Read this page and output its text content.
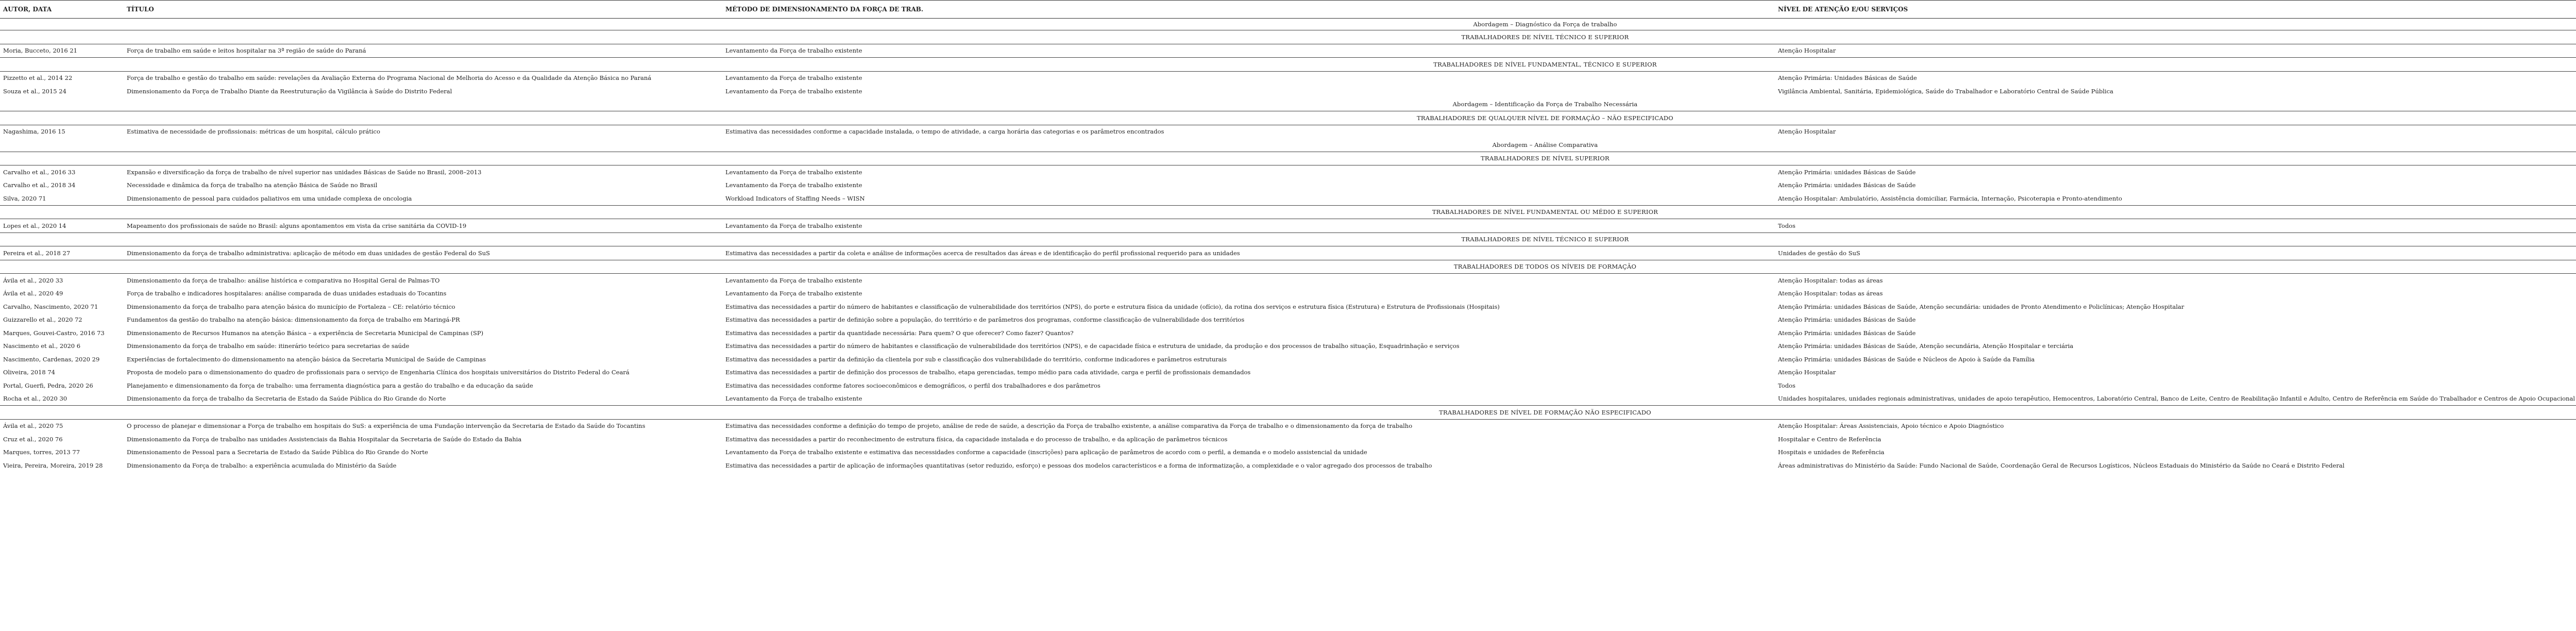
AUTOR, DATA	TÍTULO	MÉTODO DE DIMENSIONAMENTO DA FORÇA DE TRAB.	NÍVEL DE ATENÇÃO E/OU SERVIÇOS	
Abordagem – Diagnóstico da Força de trabalho				
TRABALHADORES DE NÍVEL TÉCNICO E SUPERIOR				
Moria, Bucceto, 2016 21	Força de trabalho em saúde e leitos hospitalar na 3ª região de saúde do Paraná	Levantamento da Força de trabalho existente	Atenção Hospitalar	
TRABALHADORES DE NÍVEL FUNDAMENTAL, TÉCNICO E SUPERIOR				
Pizzetto et al., 2014 22	Força de trabalho e gestão do trabalho em saúde: revelações da Avaliação Externa do Programa Nacional de Melhoria do Acesso e da Qualidade da Atenção Básica no Paraná	Levantamento da Força de trabalho existente	Atenção Primária: Unidades Básicas de Saúde	
Souza et al., 2015 24	Dimensionamento da Força de Trabalho Diante da Reestruturação da Vigilância à Saúde do Distrito Federal	Levantamento da Força de trabalho existente	Vigilância Ambiental, Sanitária, Epidemiológica, Saúde do Trabalhador e Laboratório Central de Saúde Pública	
Abordagem – Identificação da Força de Trabalho Necessária				
TRABALHADORES DE QUALQUER NÍVEL DE FORMAÇÃO – NÃO ESPECIFICADO				
Nagashima, 2016 15	Estimativa de necessidade de profissionais: métricas de um hospital, cálculo prático	Estimativa das necessidades conforme a capacidade instalada, o tempo de atividade, a carga horária das categorias e os parâmetros encontrados	Atenção Hospitalar	
Abordagem – Análise Comparativa				
TRABALHADORES DE NÍVEL SUPERIOR				
Carvalho et al., 2016 33	Expansão e diversificação da força de trabalho de nível superior nas unidades Básicas de Saúde no Brasil, 2008–2013	Levantamento da Força de trabalho existente	Atenção Primária: unidades Básicas de Saúde	
Carvalho et al., 2018 34	Necessidade e dinâmica da força de trabalho na atenção Básica de Saúde no Brasil	Levantamento da Força de trabalho existente	Atenção Primária: unidades Básicas de Saúde	
Silva, 2020 71	Dimensionamento de pessoal para cuidados paliativos em uma unidade complexa de oncologia	Workload Indicators of Staffing Needs – WISN	Atenção Hospitalar: Ambulatório, Assistência domiciliar, Farmácia, Internação, Psicoterapia e Pronto-atendimento	
TRABALHADORES DE NÍVEL FUNDAMENTAL OU MÉDIO E SUPERIOR				
Lopes et al., 2020 14	Mapeamento dos profissionais de saúde no Brasil: alguns apontamentos em vista da crise sanitária da COVID-19	Levantamento da Força de trabalho existente	Todos	
TRABALHADORES DE NÍVEL TÉCNICO E SUPERIOR				
Pereira et al., 2018 27	Dimensionamento da força de trabalho administrativa: aplicação de método em duas unidades de gestão Federal do SuS	Estimativa das necessidades a partir da coleta e análise de informações acerca de resultados das áreas e de identificação do perfil profissional requerido para as unidades	Unidades de gestão do SuS	
TRABALHADORES DE TODOS OS NÍVEIS DE FORMAÇÃO				
Ávila et al., 2020 33	Dimensionamento da força de trabalho: análise histórica e comparativa no Hospital Geral de Palmas-TO	Levantamento da Força de trabalho existente	Atenção Hospitalar: todas as áreas	
Ávila et al., 2020 49	Força de trabalho e indicadores hospitalares: análise comparada de duas unidades estaduais do Tocantins	Levantamento da Força de trabalho existente	Atenção Hospitalar: todas as áreas	
Carvalho, Nascimento, 2020 71	Dimensionamento da força de trabalho para atenção básica do município de Fortaleza – CE: relatório técnico	Estimativa das necessidades a partir do número de habitantes e classificação de vulnerabilidade dos territórios (NPS), do porte e estrutura física da unidade (ofício), da rotina dos serviços e estrutura física (Estrutura) e Estrutura de Profissionais (Hospitais)	Atenção Primária: unidades Básicas de Saúde, Atenção secundária: unidades de Pronto Atendimento e Policlínicas; Atenção Hospitalar	
Guizzarello et al., 2020 72	Fundamentos da gestão do trabalho na atenção básica: dimensionamento da força de trabalho em Maringá-PR	Estimativa das necessidades a partir de definição sobre a população, do território e de parâmetros dos programas, conforme classificação de vulnerabilidade dos territórios	Atenção Primária: unidades Básicas de Saúde	
Marques, Gouvei-Castro, 2016 73	Dimensionamento de Recursos Humanos na atenção Básica – a experiência de Secretaria Municipal de Campinas (SP)	Estimativa das necessidades a partir da quantidade necessária: Para quem? O que oferecer? Como fazer? Quantos?	Atenção Primária: unidades Básicas de Saúde	
Nascimento et al., 2020 6	Dimensionamento da força de trabalho em saúde: itinerário teórico para secretarias de saúde	Estimativa das necessidades a partir do número de habitantes e classificação de vulnerabilidade dos territórios (NPS), e de capacidade física e estrutura de unidade, da produção e dos processos de trabalho situação, Esquadrinhação e serviços	Atenção Primária: unidades Básicas de Saúde, Atenção secundária, Atenção Hospitalar e terciária	
Nascimento, Cardenas, 2020 29	Experiências de fortalecimento do dimensionamento na atenção básica da Secretaria Municipal de Saúde de Campinas	Estimativa das necessidades a partir da definição da clientela por sub e classificação dos vulnerabilidade do território, conforme indicadores e parâmetros estruturais	Atenção Primária: unidades Básicas de Saúde e Núcleos de Apoio à Saúde da Família	
Oliveira, 2018 74	Proposta de modelo para o dimensionamento do quadro de profissionais para o serviço de Engenharia Clínica dos hospitais universitários do Distrito Federal do Ceará	Estimativa das necessidades a partir de definição dos processos de trabalho, etapa gerenciadas, tempo médio para cada atividade, carga e perfil de profissionais demandados	Atenção Hospitalar	
Portal, Guerfi, Pedra, 2020 26	Planejamento e dimensionamento da força de trabalho: uma ferramenta diagnóstica para a gestão do trabalho e da educação da saúde	Estimativa das necessidades conforme fatores socioeconômicos e demográficos, o perfil dos trabalhadores e dos parâmetros	Todos	
Rocha et al., 2020 30	Dimensionamento da força de trabalho da Secretaria de Estado da Saúde Pública do Rio Grande do Norte	Levantamento da Força de trabalho existente	Unidades hospitalares, unidades regionais administrativas, unidades de apoio terapêutico, Hemocentros, Laboratório Central, Banco de Leite, Centro de Reabilitação Infantil e Adulto, Centro de Referência em Saúde do Trabalhador e Centros de Apoio Ocupacional	
TRABALHADORES DE NÍVEL DE FORMAÇÃO NÃO ESPECIFICADO				
Ávila et al., 2020 75	O processo de planejar e dimensionar a Força de trabalho em hospitais do SuS: a experiência de uma Fundação intervenção da Secretaria de Estado da Saúde do Tocantins	Estimativa das necessidades conforme a definição do tempo de projeto, análise de rede de saúde, a descrição da Força de trabalho existente, a análise comparativa da Força de trabalho e o dimensionamento da força de trabalho	Atenção Hospitalar: Áreas Assistenciais, Apoio técnico e Apoio Diagnóstico	
Cruz et al., 2020 76	Dimensionamento da Força de trabalho nas unidades Assistenciais da Bahia Hospitalar da Secretaria de Saúde do Estado da Bahia	Estimativa das necessidades a partir do reconhecimento de estrutura física, da capacidade instalada e do processo de trabalho, e da aplicação de parâmetros técnicos	Hospitalar e Centro de Referência	
Marques, torres, 2013 77	Dimensionamento de Pessoal para a Secretaria de Estado da Saúde Pública do Rio Grande do Norte	Levantamento da Força de trabalho existente e estimativa das necessidades conforme a capacidade (inscrições) para aplicação de parâmetros de acordo com o perfil, a demanda e o modelo assistencial da unidade	Hospitais e unidades de Referência	
Vieira, Pereira, Moreira, 2019 28	Dimensionamento da Força de trabalho: a experiência acumulada do Ministério da Saúde	Estimativa das necessidades a partir de aplicação de informações quantitativas (setor reduzido, esforço) e pessoas dos modelos característicos e a forma de informatização, a complexidade e o valor agregado dos processos de trabalho	Áreas administrativas do Ministério da Saúde: Fundo Nacional de Saúde, Coordenação Geral de Recursos Logísticos, Núcleos Estaduais do Ministério da Saúde no Ceará e Distrito Federal	
